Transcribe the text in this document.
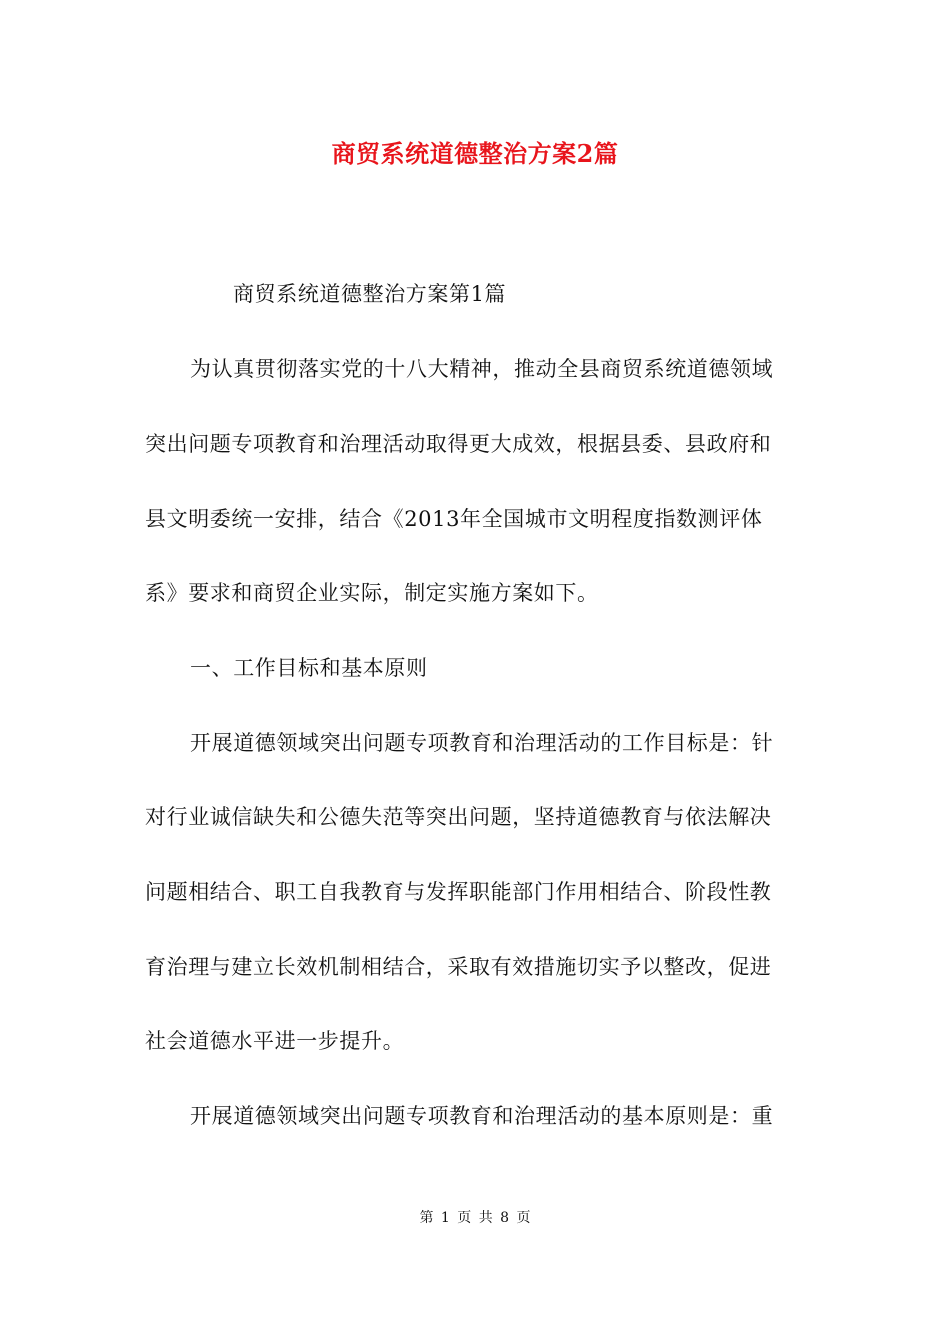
商贸系统道德整治方案2篇
商贸系统道德整治方案第1篇
为认真贯彻落实党的十八大精神，推动全县商贸系统道德领域
突出问题专项教育和治理活动取得更大成效，根据县委、县政府和
县文明委统一安排，结合《2013年全国城市文明程度指数测评体
系》要求和商贸企业实际，制定实施方案如下。
一、工作目标和基本原则
开展道德领域突出问题专项教育和治理活动的工作目标是：针
对行业诚信缺失和公德失范等突出问题，坚持道德教育与依法解决
问题相结合、职工自我教育与发挥职能部门作用相结合、阶段性教
育治理与建立长效机制相结合，采取有效措施切实予以整改，促进
社会道德水平进一步提升。
开展道德领域突出问题专项教育和治理活动的基本原则是：重
第 1 页 共 8 页
